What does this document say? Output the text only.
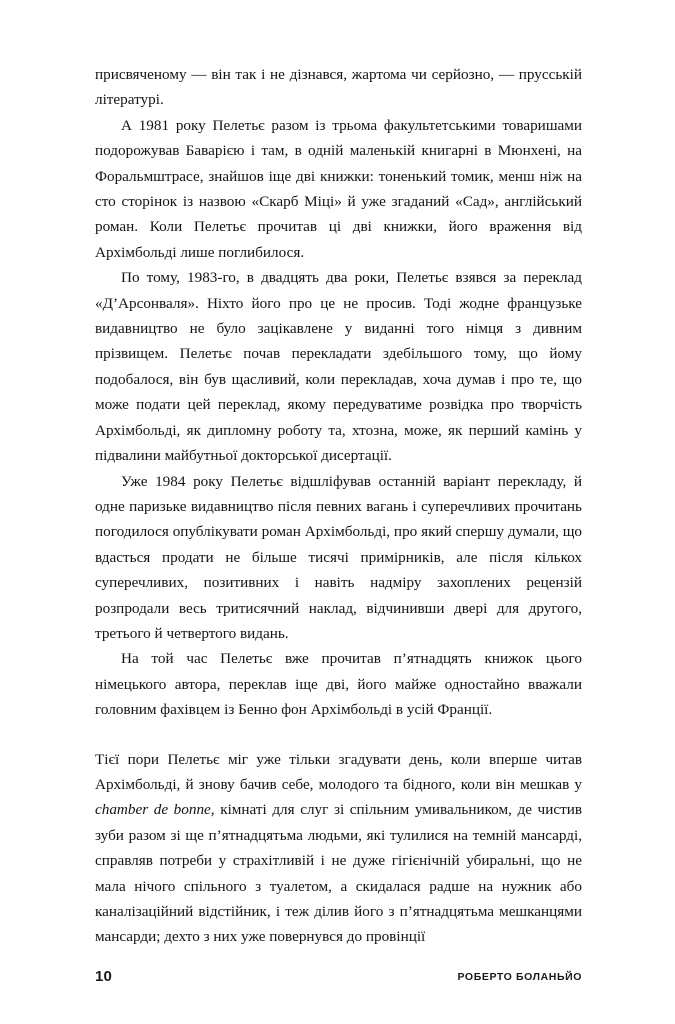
присвяченому — він так і не дізнався, жартома чи серйозно, — прусській літературі.

А 1981 року Пелетьє разом із трьома факультетськими товаришами подорожував Баварією і там, в одній маленькій книгарні в Мюнхені, на Форальмштрасе, знайшов іще дві книжки: тоненький томик, менш ніж на сто сторінок із назвою «Скарб Міці» й уже згаданий «Сад», англійський роман. Коли Пелетьє прочитав ці дві книжки, його враження від Архімбольді лише поглибилося.

По тому, 1983-го, в двадцять два роки, Пелетьє взявся за переклад «Д’Арсонваля». Ніхто його про це не просив. Тоді жодне французьке видавництво не було зацікавлене у виданні того німця з дивним прізвищем. Пелетьє почав перекладати здебільшого тому, що йому подобалося, він був щасливий, коли перекладав, хоча думав і про те, що може подати цей переклад, якому передуватиме розвідка про творчість Архімбольді, як дипломну роботу та, хтозна, може, як перший камінь у підвалини майбутньої докторської дисертації.

Уже 1984 року Пелетьє відшліфував останній варіант перекладу, й одне паризьке видавництво після певних вагань і суперечливих прочитань погодилося опублікувати роман Архімбольді, про який спершу думали, що вдасться продати не більше тисячі примірників, але після кількох суперечливих, позитивних і навіть надміру захоплених рецензій розпродали весь тритисячний наклад, відчинивши двері для другого, третього й четвертого видань.

На той час Пелетьє вже прочитав п’ятнадцять книжок цього німецького автора, переклав іще дві, його майже одностайно вважали головним фахівцем із Бенно фон Архімбольді в усій Франції.

Тієї пори Пелетьє міг уже тільки згадувати день, коли вперше читав Архімбольді, й знову бачив себе, молодого та бідного, коли він мешкав у chamber de bonne, кімнаті для слуг зі спільним умивальником, де чистив зуби разом зі ще п’ятнадцятьма людьми, які тулилися на темній мансарді, справляв потреби у страхітливій і не дуже гігієнічній убиральні, що не мала нічого спільного з туалетом, а скидалася радше на нужник або каналізаційний відстійник, і теж ділив його з п’ятнадцятьма мешканцями мансарди; дехто з них уже повернувся до провінції

10	РОБЕРТО БОЛАНЬЙО
